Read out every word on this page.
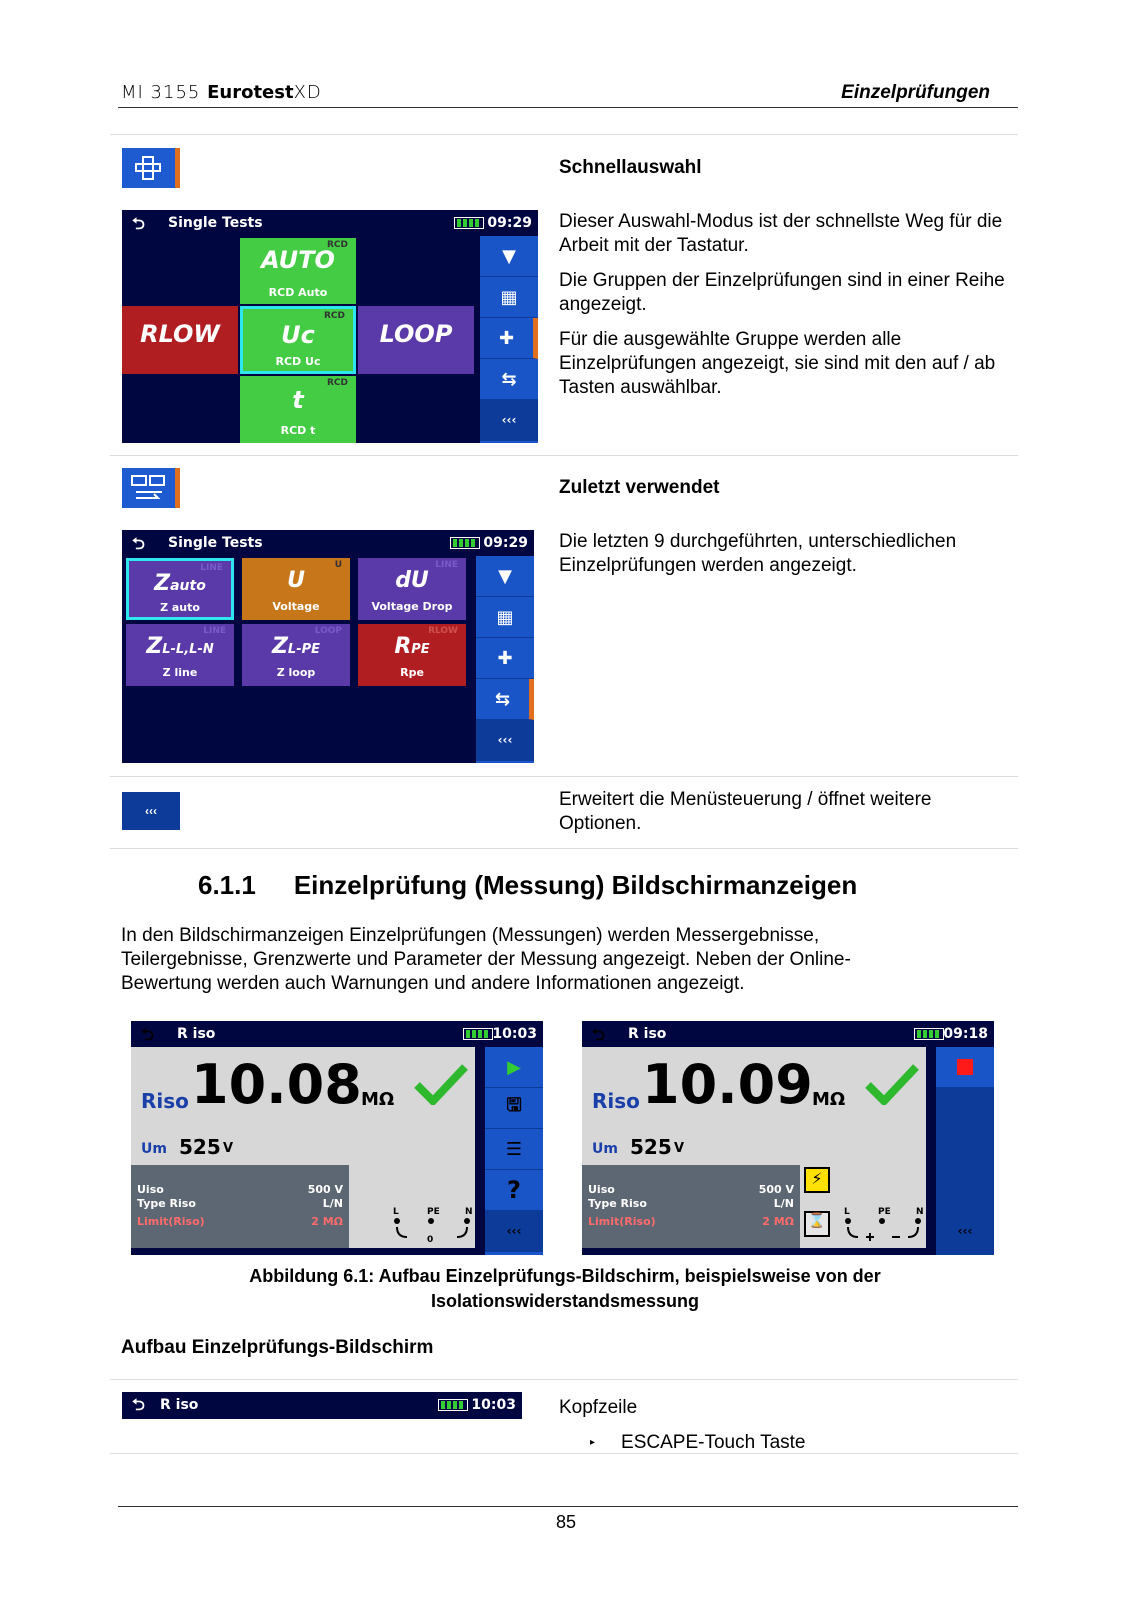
MI 3155 EurotestXD	Einzelprüfungen
Schnellauswahl
⮌ Single Tests	09:29
RCD
AUTO
RCD Auto
RLOW
RCD
Uc
RCD Uc
LOOP
RCD
t
RCD t
▼
▦
✚
⇆
‹‹‹

Dieser Auswahl-Modus ist der schnellste Weg für die Arbeit mit der Tastatur.

Die Gruppen der Einzelprüfungen sind in einer Reihe angezeigt.

Für die ausgewählte Gruppe werden alle Einzelprüfungen angezeigt, sie sind mit den auf / ab Tasten auswählbar.

Zuletzt verwendet
⮌ Single Tests	09:29
LINE
Zauto
Z auto
U
U
Voltage
LINE
dU
Voltage Drop
LINE
ZL-L,L-N
Z line
LOOP
ZL-PE
Z loop
RLOW
RPE
Rpe
▼
▦
✚
⇆
‹‹‹

Die letzten 9 durchgeführten, unterschiedlichen Einzelprüfungen werden angezeigt.

‹‹‹

Erweitert die Menüsteuerung / öffnet weitere Optionen.

6.1.1 Einzelprüfung (Messung) Bildschirmanzeigen
In den Bildschirmanzeigen Einzelprüfungen (Messungen) werden Messergebnisse, Teilergebnisse, Grenzwerte und Parameter der Messung angezeigt. Neben der Online-Bewertung werden auch Warnungen und andere Informationen angezeigt.
⮌ R iso	10:03
Riso 10.08 MΩ
Um 525 V
Uiso	500 V
Type Riso	L/N
Limit(Riso)	2 MΩ
L	PE	N
0
▶
🖫
☰
?
‹‹‹
⮌ R iso	09:18
Riso 10.09 MΩ
Um 525 V
⚡
⌛
Uiso	500 V
Type Riso	L/N
Limit(Riso)	2 MΩ
L	PE	N
‹‹‹
Abbildung 6.1: Aufbau Einzelprüfungs-Bildschirm, beispielsweise von der
Isolationswiderstandsmessung
Aufbau Einzelprüfungs-Bildschirm
⮌ R iso	10:03 Kopfzeile
▸ ESCAPE-Touch Taste
85
